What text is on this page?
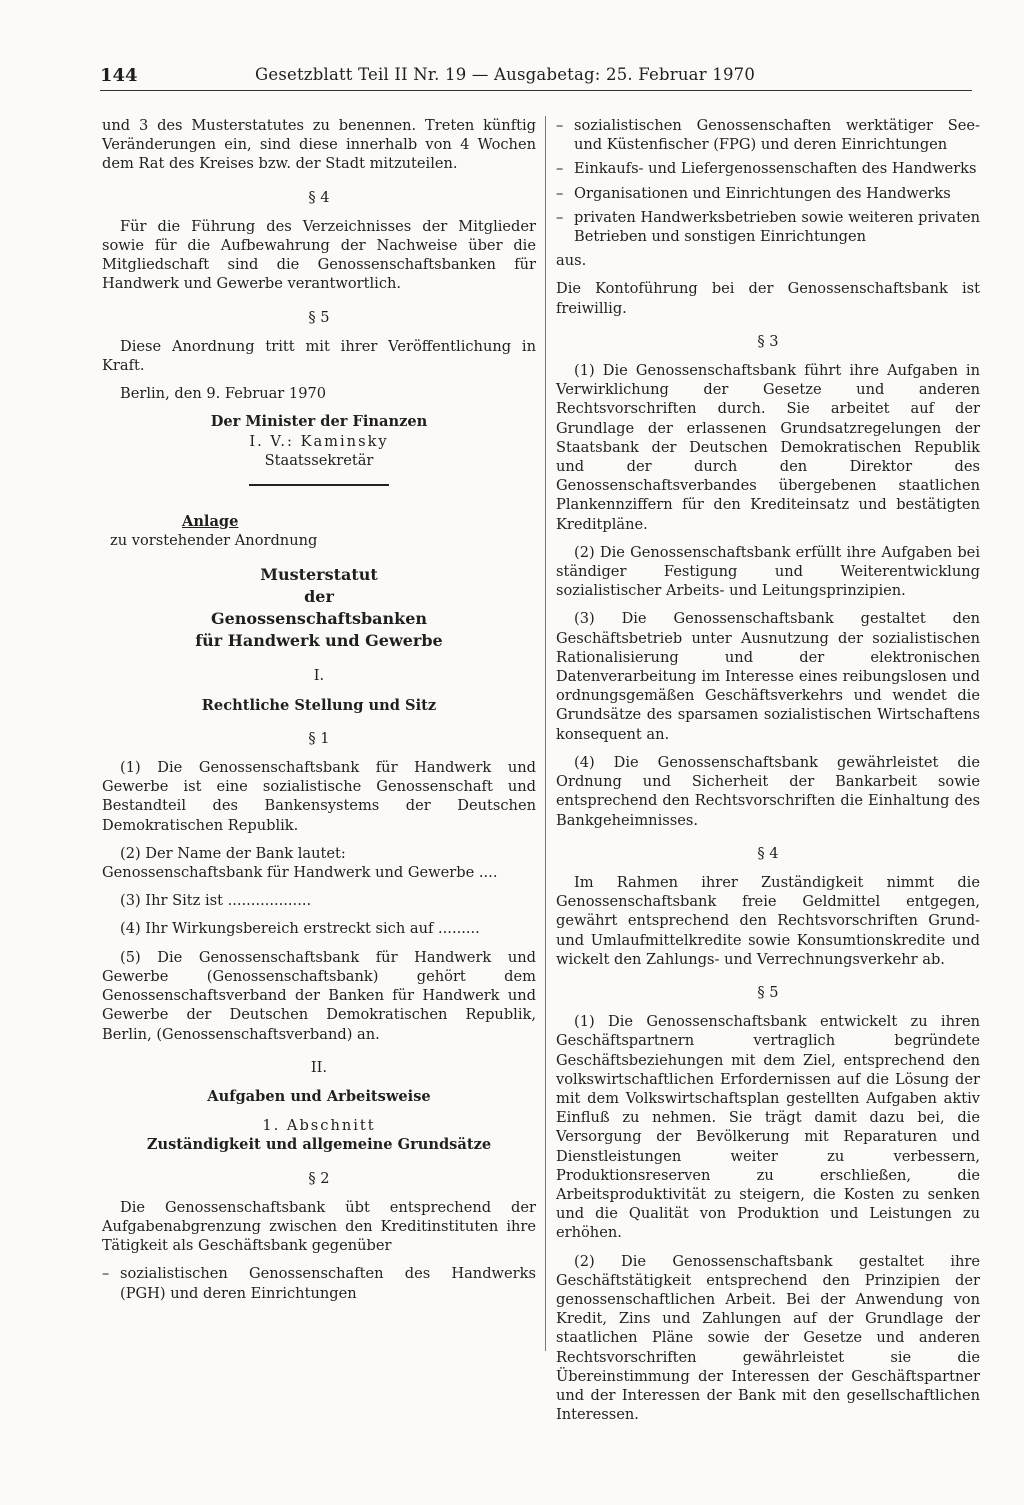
144	Gesetzblatt Teil II Nr. 19 — Ausgabetag: 25. Februar 1970

und 3 des Musterstatutes zu benennen. Treten künftig Veränderungen ein, sind diese innerhalb von 4 Wochen dem Rat des Kreises bzw. der Stadt mitzuteilen.

§ 4

Für die Führung des Verzeichnisses der Mitglieder sowie für die Aufbewahrung der Nachweise über die Mitgliedschaft sind die Genossenschaftsbanken für Handwerk und Gewerbe verantwortlich.

§ 5

Diese Anordnung tritt mit ihrer Veröffentlichung in Kraft.

Berlin, den 9. Februar 1970

Der Minister der Finanzen
I. V.: Kaminsky
Staatssekretär
Anlage
zu vorstehender Anordnung
Musterstatut
der
Genossenschaftsbanken
für Handwerk und Gewerbe
I.
Rechtliche Stellung und Sitz
§ 1

(1) Die Genossenschaftsbank für Handwerk und Gewerbe ist eine sozialistische Genossenschaft und Bestandteil des Bankensystems der Deutschen Demokratischen Republik.

(2) Der Name der Bank lautet:

Genossenschaftsbank für Handwerk und Gewerbe ....

(3) Ihr Sitz ist ..................

(4) Ihr Wirkungsbereich erstreckt sich auf .........

(5) Die Genossenschaftsbank für Handwerk und Gewerbe (Genossenschaftsbank) gehört dem Genossenschaftsverband der Banken für Handwerk und Gewerbe der Deutschen Demokratischen Republik, Berlin, (Genossenschaftsverband) an.

II.
Aufgaben und Arbeitsweise
1. Abschnitt
Zuständigkeit und allgemeine Grundsätze
§ 2

Die Genossenschaftsbank übt entsprechend der Aufgabenabgrenzung zwischen den Kreditinstituten ihre Tätigkeit als Geschäftsbank gegenüber

– sozialistischen Genossenschaften des Handwerks (PGH) und deren Einrichtungen
– sozialistischen Genossenschaften werktätiger See- und Küstenfischer (FPG) und deren Einrichtungen
– Einkaufs- und Liefergenossenschaften des Handwerks
– Organisationen und Einrichtungen des Handwerks
– privaten Handwerksbetrieben sowie weiteren privaten Betrieben und sonstigen Einrichtungen

aus.

Die Kontoführung bei der Genossenschaftsbank ist freiwillig.

§ 3

(1) Die Genossenschaftsbank führt ihre Aufgaben in Verwirklichung der Gesetze und anderen Rechtsvorschriften durch. Sie arbeitet auf der Grundlage der erlassenen Grundsatzregelungen der Staatsbank der Deutschen Demokratischen Republik und der durch den Direktor des Genossenschaftsverbandes übergebenen staatlichen Plankennziffern für den Krediteinsatz und bestätigten Kreditpläne.

(2) Die Genossenschaftsbank erfüllt ihre Aufgaben bei ständiger Festigung und Weiterentwicklung sozialistischer Arbeits- und Leitungsprinzipien.

(3) Die Genossenschaftsbank gestaltet den Geschäftsbetrieb unter Ausnutzung der sozialistischen Rationalisierung und der elektronischen Datenverarbeitung im Interesse eines reibungslosen und ordnungsgemäßen Geschäftsverkehrs und wendet die Grundsätze des sparsamen sozialistischen Wirtschaftens konsequent an.

(4) Die Genossenschaftsbank gewährleistet die Ordnung und Sicherheit der Bankarbeit sowie entsprechend den Rechtsvorschriften die Einhaltung des Bankgeheimnisses.

§ 4

Im Rahmen ihrer Zuständigkeit nimmt die Genossenschaftsbank freie Geldmittel entgegen, gewährt entsprechend den Rechtsvorschriften Grund- und Umlaufmittelkredite sowie Konsumtionskredite und wickelt den Zahlungs- und Verrechnungsverkehr ab.

§ 5

(1) Die Genossenschaftsbank entwickelt zu ihren Geschäftspartnern vertraglich begründete Geschäftsbeziehungen mit dem Ziel, entsprechend den volkswirtschaftlichen Erfordernissen auf die Lösung der mit dem Volkswirtschaftsplan gestellten Aufgaben aktiv Einfluß zu nehmen. Sie trägt damit dazu bei, die Versorgung der Bevölkerung mit Reparaturen und Dienstleistungen weiter zu verbessern, Produktionsreserven zu erschließen, die Arbeitsproduktivität zu steigern, die Kosten zu senken und die Qualität von Produktion und Leistungen zu erhöhen.

(2) Die Genossenschaftsbank gestaltet ihre Geschäftstätigkeit entsprechend den Prinzipien der genossenschaftlichen Arbeit. Bei der Anwendung von Kredit, Zins und Zahlungen auf der Grundlage der staatlichen Pläne sowie der Gesetze und anderen Rechtsvorschriften gewährleistet sie die Übereinstimmung der Interessen der Geschäftspartner und der Interessen der Bank mit den gesellschaftlichen Interessen.
